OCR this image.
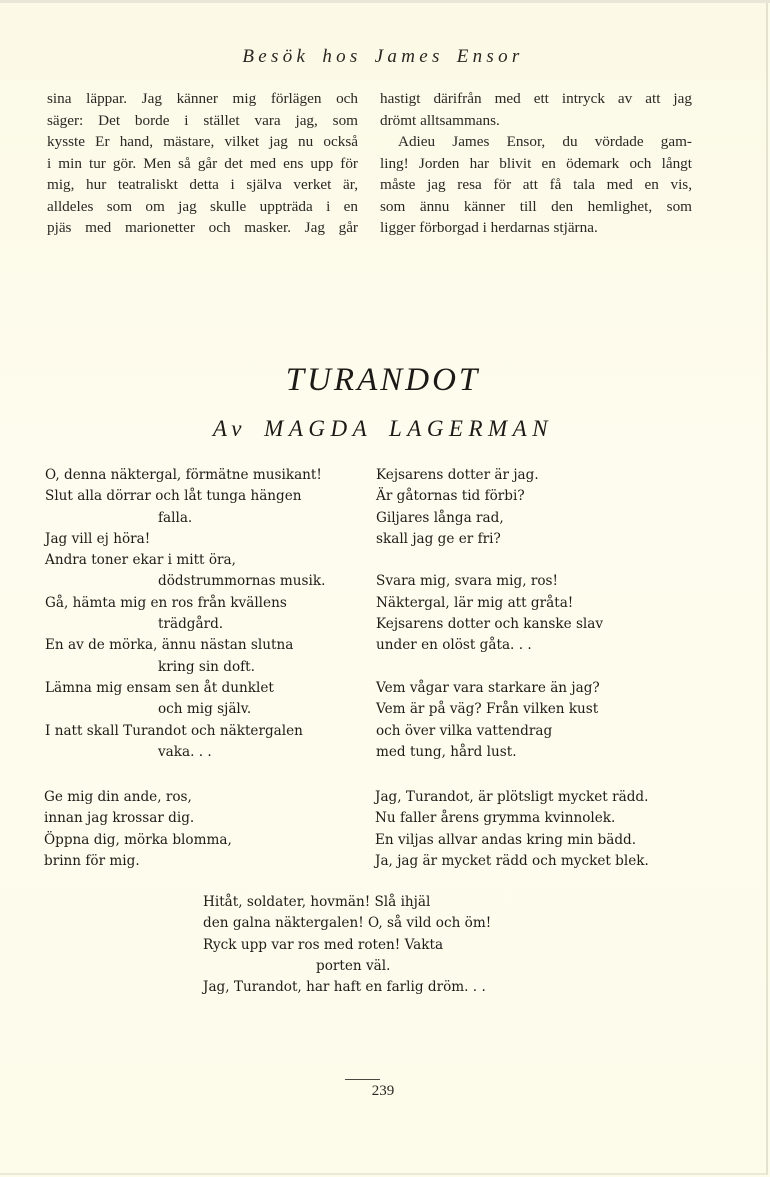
Besök hos James Ensor
sina läppar. Jag känner mig förlägen och
säger: Det borde i stället vara jag, som
kysste Er hand, mästare, vilket jag nu också
i min tur gör. Men så går det med ens upp för
mig, hur teatraliskt detta i själva verket är,
alldeles som om jag skulle uppträda i en
pjäs med marionetter och masker. Jag går
hastigt därifrån med ett intryck av att jag
drömt alltsammans.
Adieu James Ensor, du vördade gam-
ling! Jorden har blivit en ödemark och långt
måste jag resa för att få tala med en vis,
som ännu känner till den hemlighet, som
ligger förborgad i herdarnas stjärna.
TURANDOT
Av MAGDA LAGERMAN
O, denna näktergal, förmätne musikant!
Slut alla dörrar och låt tunga hängen
falla.
Jag vill ej höra!
Andra toner ekar i mitt öra,
dödstrummornas musik.
Gå, hämta mig en ros från kvällens
trädgård.
En av de mörka, ännu nästan slutna
kring sin doft.
Lämna mig ensam sen åt dunklet
och mig själv.
I natt skall Turandot och näktergalen
vaka. . .
Kejsarens dotter är jag.
Är gåtornas tid förbi?
Giljares långa rad,
skall jag ge er fri?
Svara mig, svara mig, ros!
Näktergal, lär mig att gråta!
Kejsarens dotter och kanske slav
under en olöst gåta. . .
Vem vågar vara starkare än jag?
Vem är på väg? Från vilken kust
och över vilka vattendrag
med tung, hård lust.
Ge mig din ande, ros,
innan jag krossar dig.
Öppna dig, mörka blomma,
brinn för mig.
Jag, Turandot, är plötsligt mycket rädd.
Nu faller årens grymma kvinnolek.
En viljas allvar andas kring min bädd.
Ja, jag är mycket rädd och mycket blek.
Hitåt, soldater, hovmän! Slå ihjäl
den galna näktergalen! O, så vild och öm!
Ryck upp var ros med roten! Vakta
porten väl.
Jag, Turandot, har haft en farlig dröm. . .
239
